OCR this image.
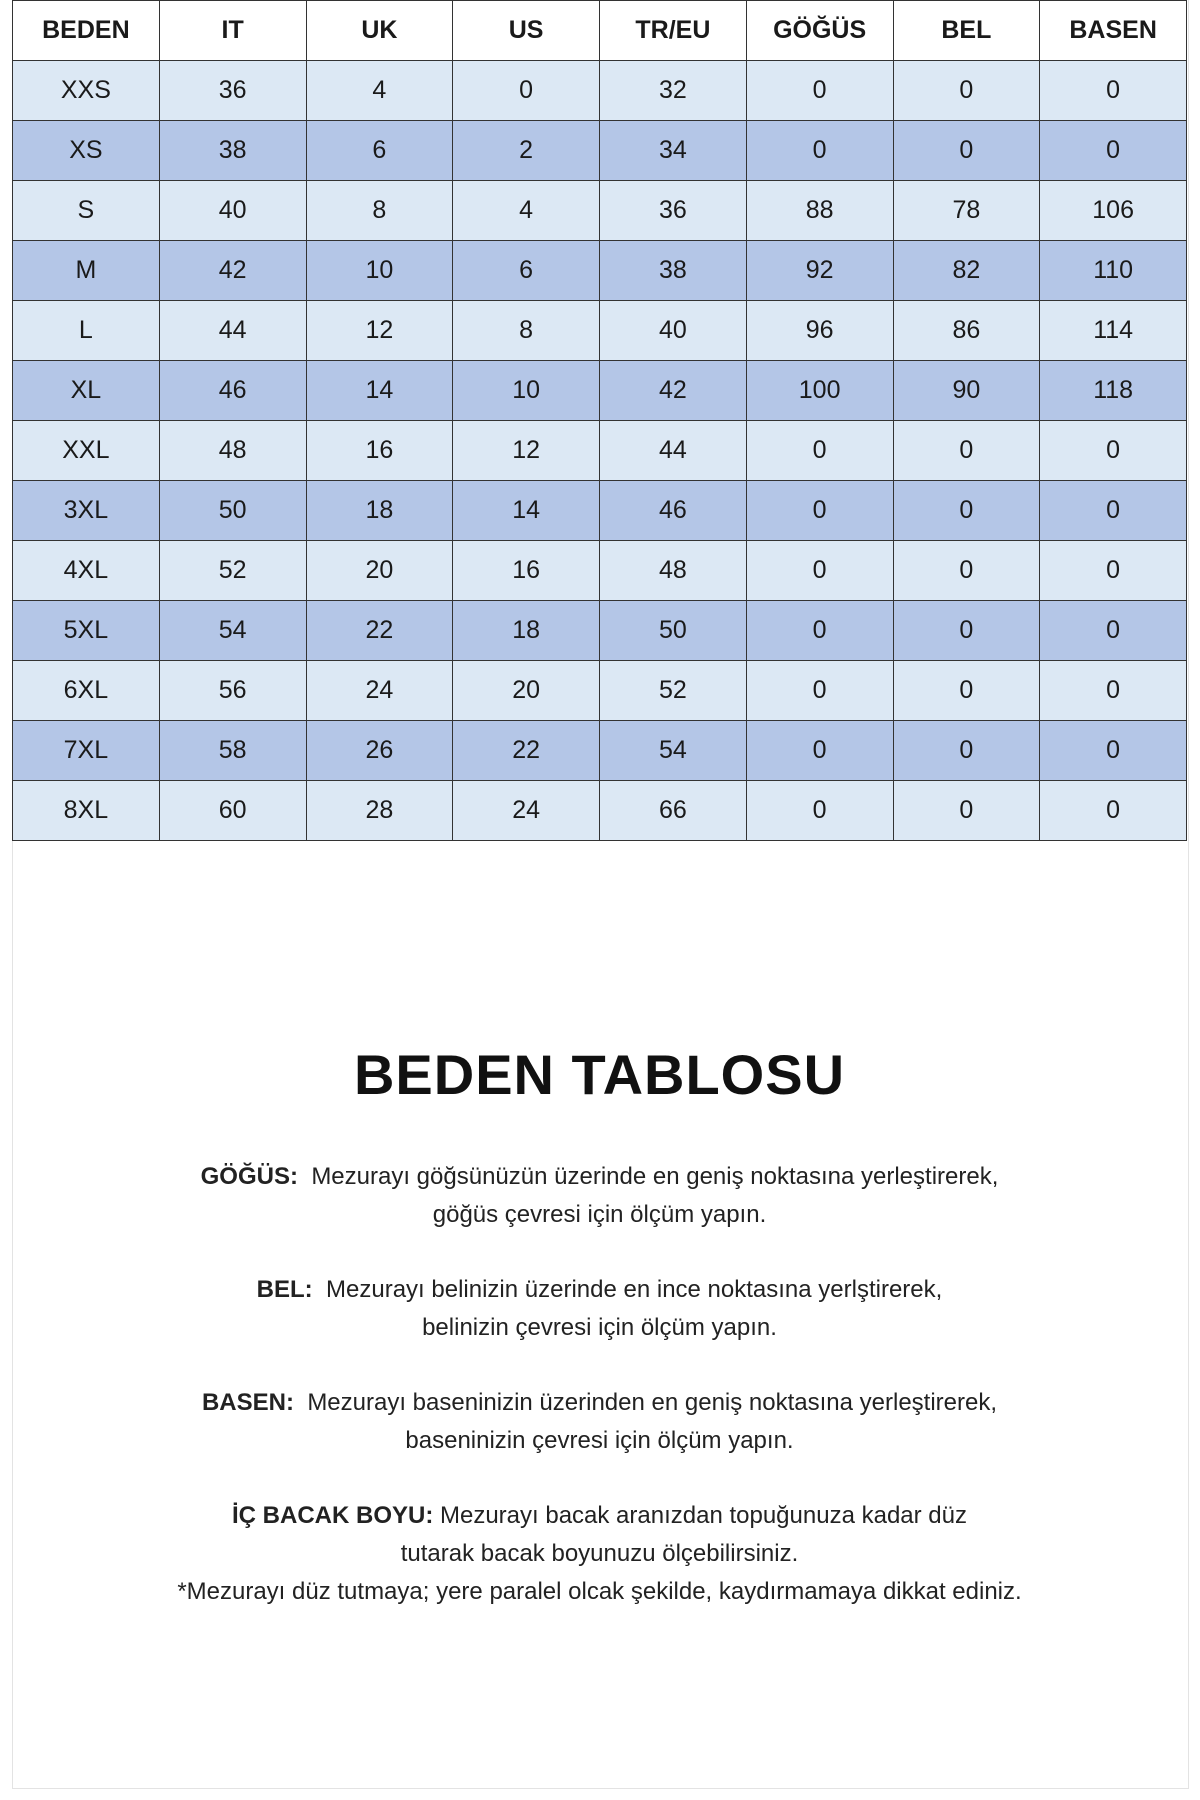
BEDEN	IT	UK	US	TR/EU	GÖĞÜS	BEL	BASEN
XXS	36	4	0	32	0	0	0
XS	38	6	2	34	0	0	0
S	40	8	4	36	88	78	106
M	42	10	6	38	92	82	110
L	44	12	8	40	96	86	114
XL	46	14	10	42	100	90	118
XXL	48	16	12	44	0	0	0
3XL	50	18	14	46	0	0	0
4XL	52	20	16	48	0	0	0
5XL	54	22	18	50	0	0	0
6XL	56	24	20	52	0	0	0
7XL	58	26	22	54	0	0	0
8XL	60	28	24	66	0	0	0
BEDEN TABLOSU
GÖĞÜS: Mezurayı göğsünüzün üzerinde en geniş noktasına yerleştirerek,
göğüs çevresi için ölçüm yapın.
BEL: Mezurayı belinizin üzerinde en ince noktasına yerlştirerek,
belinizin çevresi için ölçüm yapın.
BASEN: Mezurayı baseninizin üzerinden en geniş noktasına yerleştirerek,
baseninizin çevresi için ölçüm yapın.
İÇ BACAK BOYU: Mezurayı bacak aranızdan topuğunuza kadar düz
tutarak bacak boyunuzu ölçebilirsiniz.
*Mezurayı düz tutmaya; yere paralel olcak şekilde, kaydırmamaya dikkat ediniz.
